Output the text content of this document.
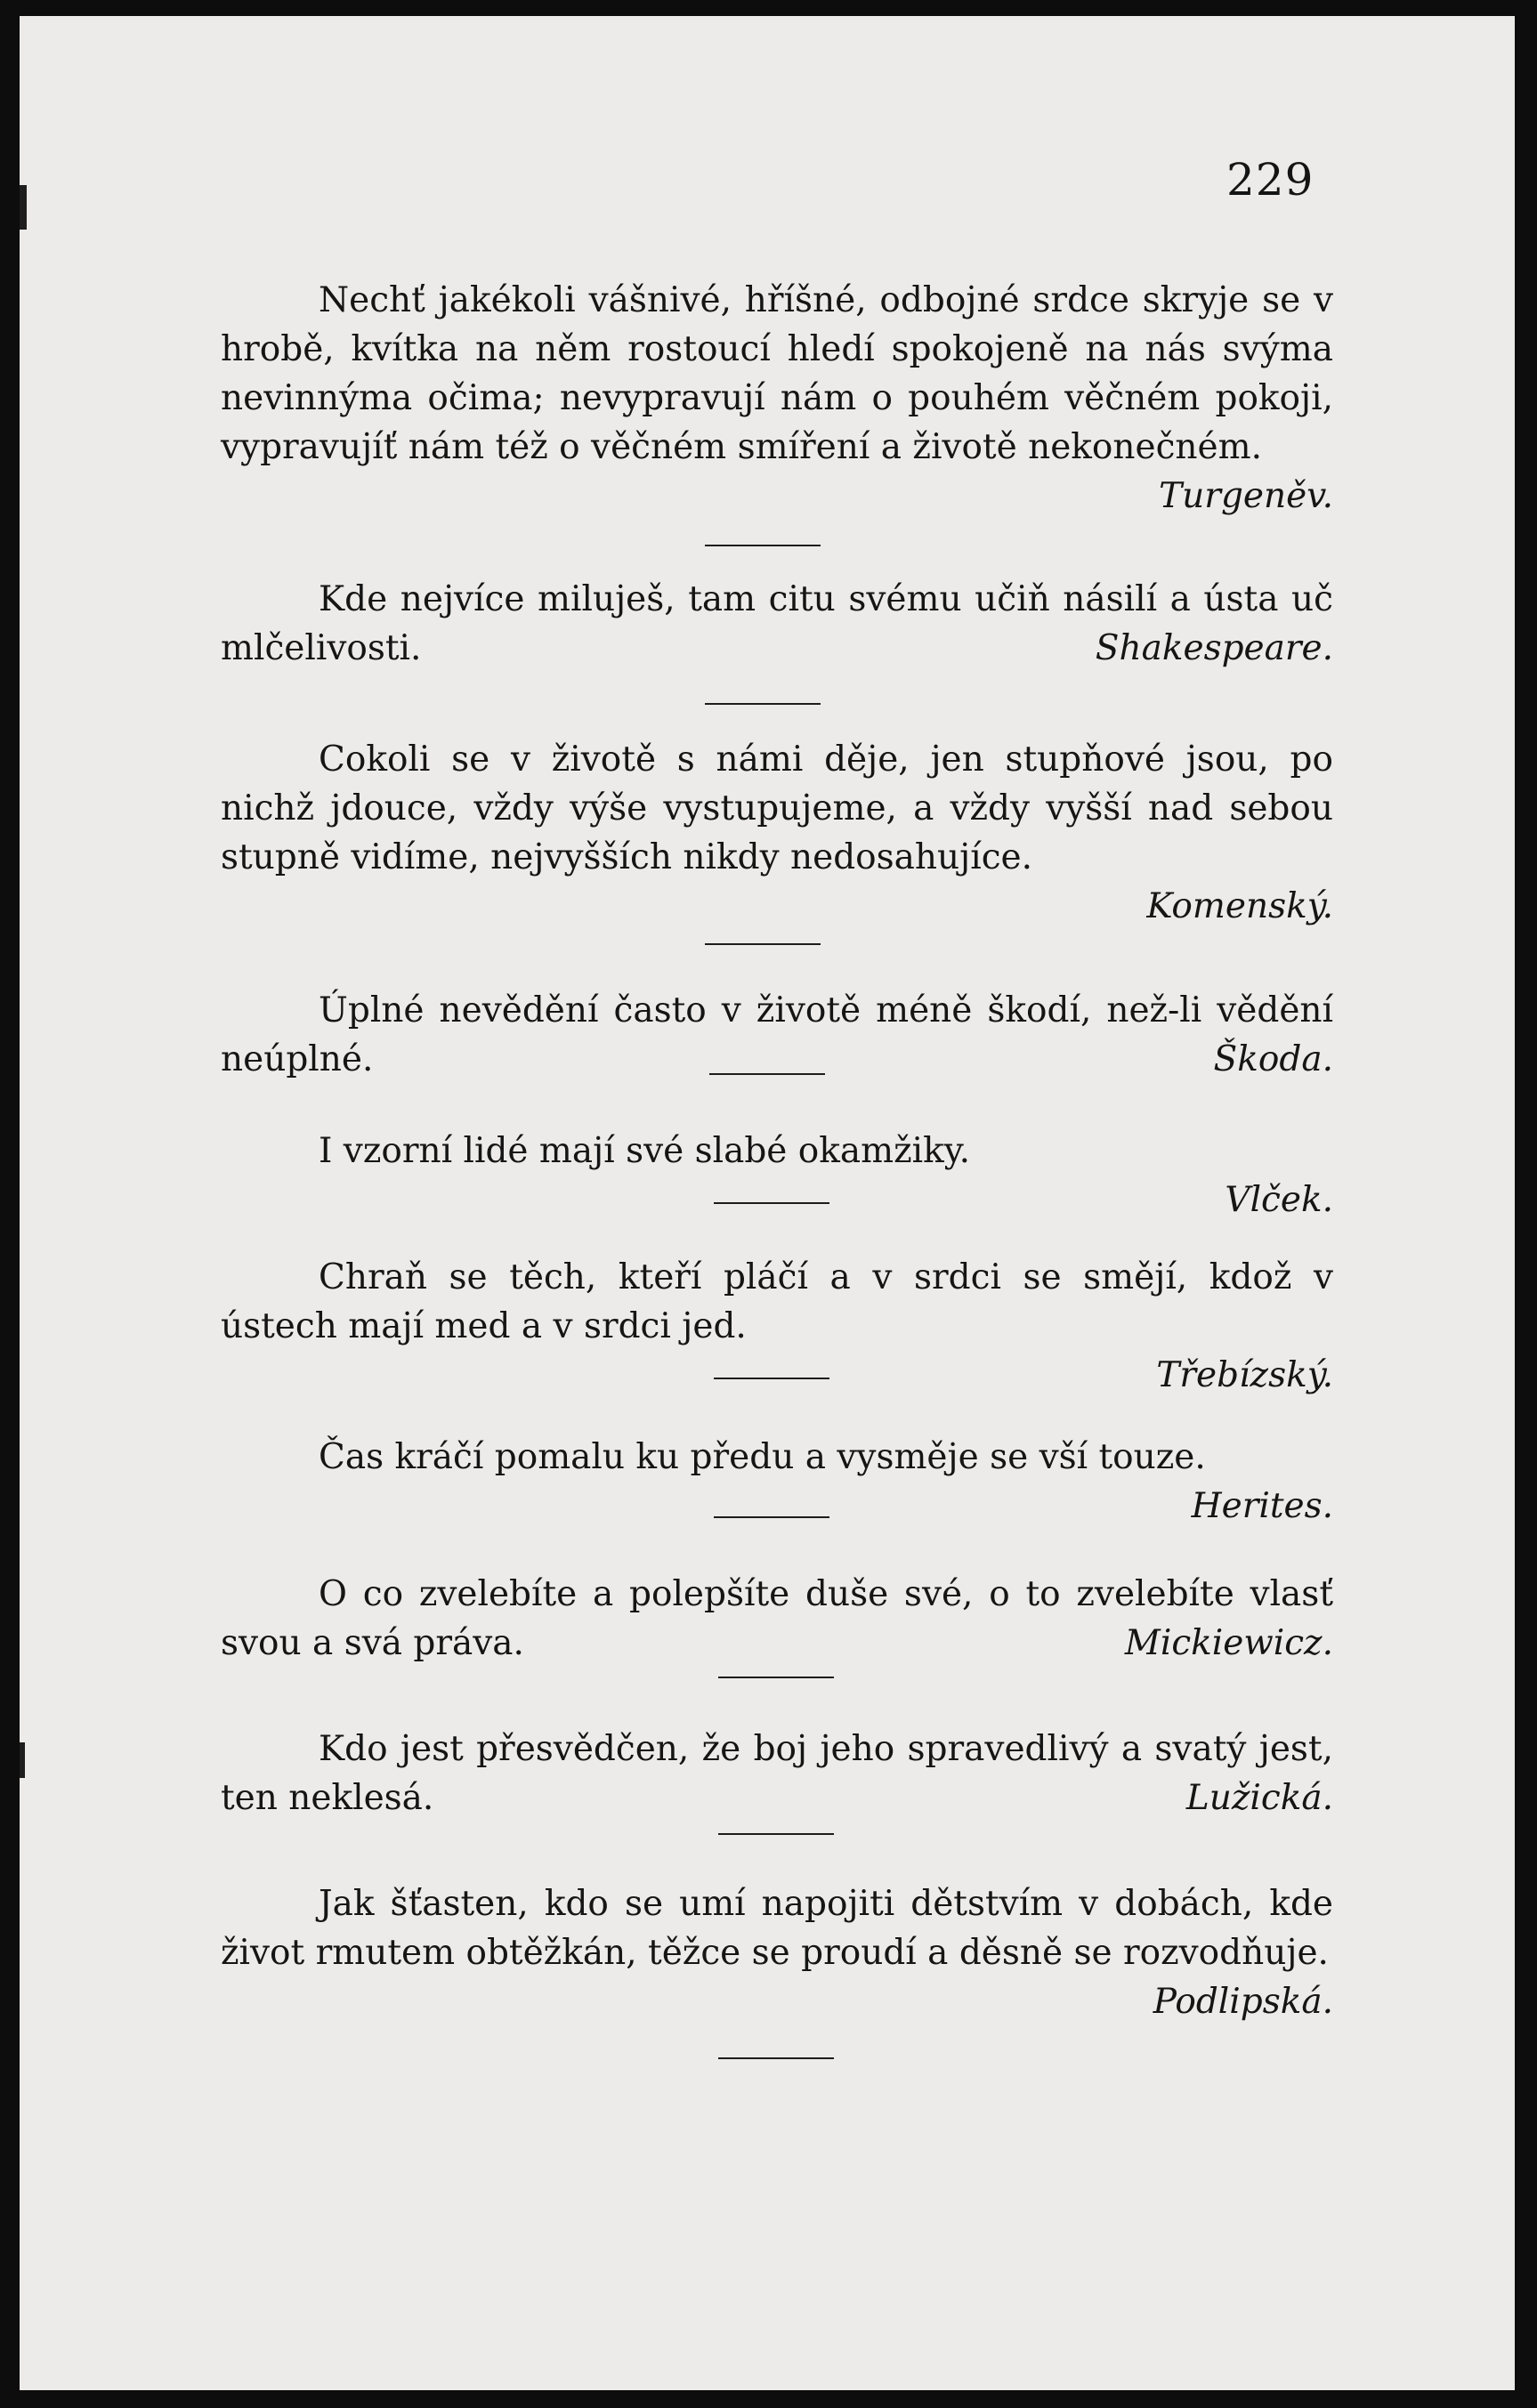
229
Nechť jakékoli vášnivé, hříšné, odbojné srdce skryje se v hrobě, kvítka na něm rostoucí hledí spokojeně na nás svýma nevinnýma očima; nevypravují nám o pouhém věčném pokoji, vypravujíť nám též o věčném smíření a životě nekonečném.
Turgeněv.
Kde nejvíce miluješ, tam citu svému učiň násilí a ústa uč mlčelivosti.	Shakespeare.
Cokoli se v životě s námi děje, jen stupňové jsou, po nichž jdouce, vždy výše vystupujeme, a vždy vyšší nad sebou stupně vidíme, nejvyšších nikdy nedosahujíce.
Komenský.
Úplné nevědění často v životě méně škodí, než-li vědění neúplné.	Škoda.
I vzorní lidé mají své slabé okamžiky.
Vlček.
Chraň se těch, kteří pláčí a v srdci se smějí, kdož v ústech mají med a v srdci jed.
Třebízský.
Čas kráčí pomalu ku předu a vysměje se vší touze.
Herites.
O co zvelebíte a polepšíte duše své, o to zvelebíte vlasť svou a svá práva.	Mickiewicz.
Kdo jest přesvědčen, že boj jeho spravedlivý a svatý jest, ten neklesá.	Lužická.
Jak šťasten, kdo se umí napojiti dětstvím v dobách, kde život rmutem obtěžkán, těžce se proudí a děsně se rozvodňuje.
Podlipská.
